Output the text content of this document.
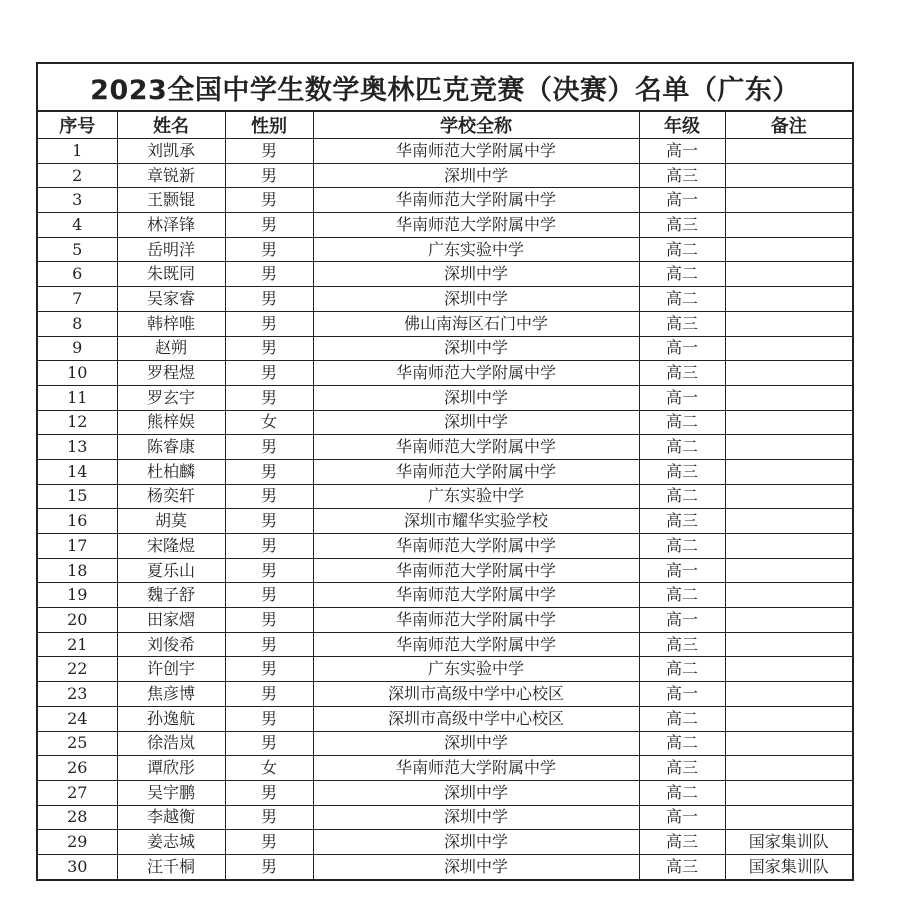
2023全国中学生数学奥林匹克竞赛（决赛）名单（广东）					
序号	姓名	性别	学校全称	年级	备注
1	刘凯承	男	华南师范大学附属中学	高一	
2	章锐新	男	深圳中学	高三	
3	王颢锟	男	华南师范大学附属中学	高一	
4	林泽锋	男	华南师范大学附属中学	高三	
5	岳明洋	男	广东实验中学	高二	
6	朱既同	男	深圳中学	高二	
7	吴家睿	男	深圳中学	高二	
8	韩梓唯	男	佛山南海区石门中学	高三	
9	赵朔	男	深圳中学	高一	
10	罗程煜	男	华南师范大学附属中学	高三	
11	罗玄宇	男	深圳中学	高一	
12	熊梓娱	女	深圳中学	高二	
13	陈睿康	男	华南师范大学附属中学	高二	
14	杜柏麟	男	华南师范大学附属中学	高三	
15	杨奕轩	男	广东实验中学	高二	
16	胡莫	男	深圳市耀华实验学校	高三	
17	宋隆煜	男	华南师范大学附属中学	高二	
18	夏乐山	男	华南师范大学附属中学	高一	
19	魏子舒	男	华南师范大学附属中学	高二	
20	田家熠	男	华南师范大学附属中学	高一	
21	刘俊希	男	华南师范大学附属中学	高三	
22	许创宇	男	广东实验中学	高二	
23	焦彦博	男	深圳市高级中学中心校区	高一	
24	孙逸航	男	深圳市高级中学中心校区	高二	
25	徐浩岚	男	深圳中学	高二	
26	谭欣彤	女	华南师范大学附属中学	高三	
27	吴宇鹏	男	深圳中学	高二	
28	李越衡	男	深圳中学	高一	
29	姜志城	男	深圳中学	高三	国家集训队
30	汪千桐	男	深圳中学	高三	国家集训队
